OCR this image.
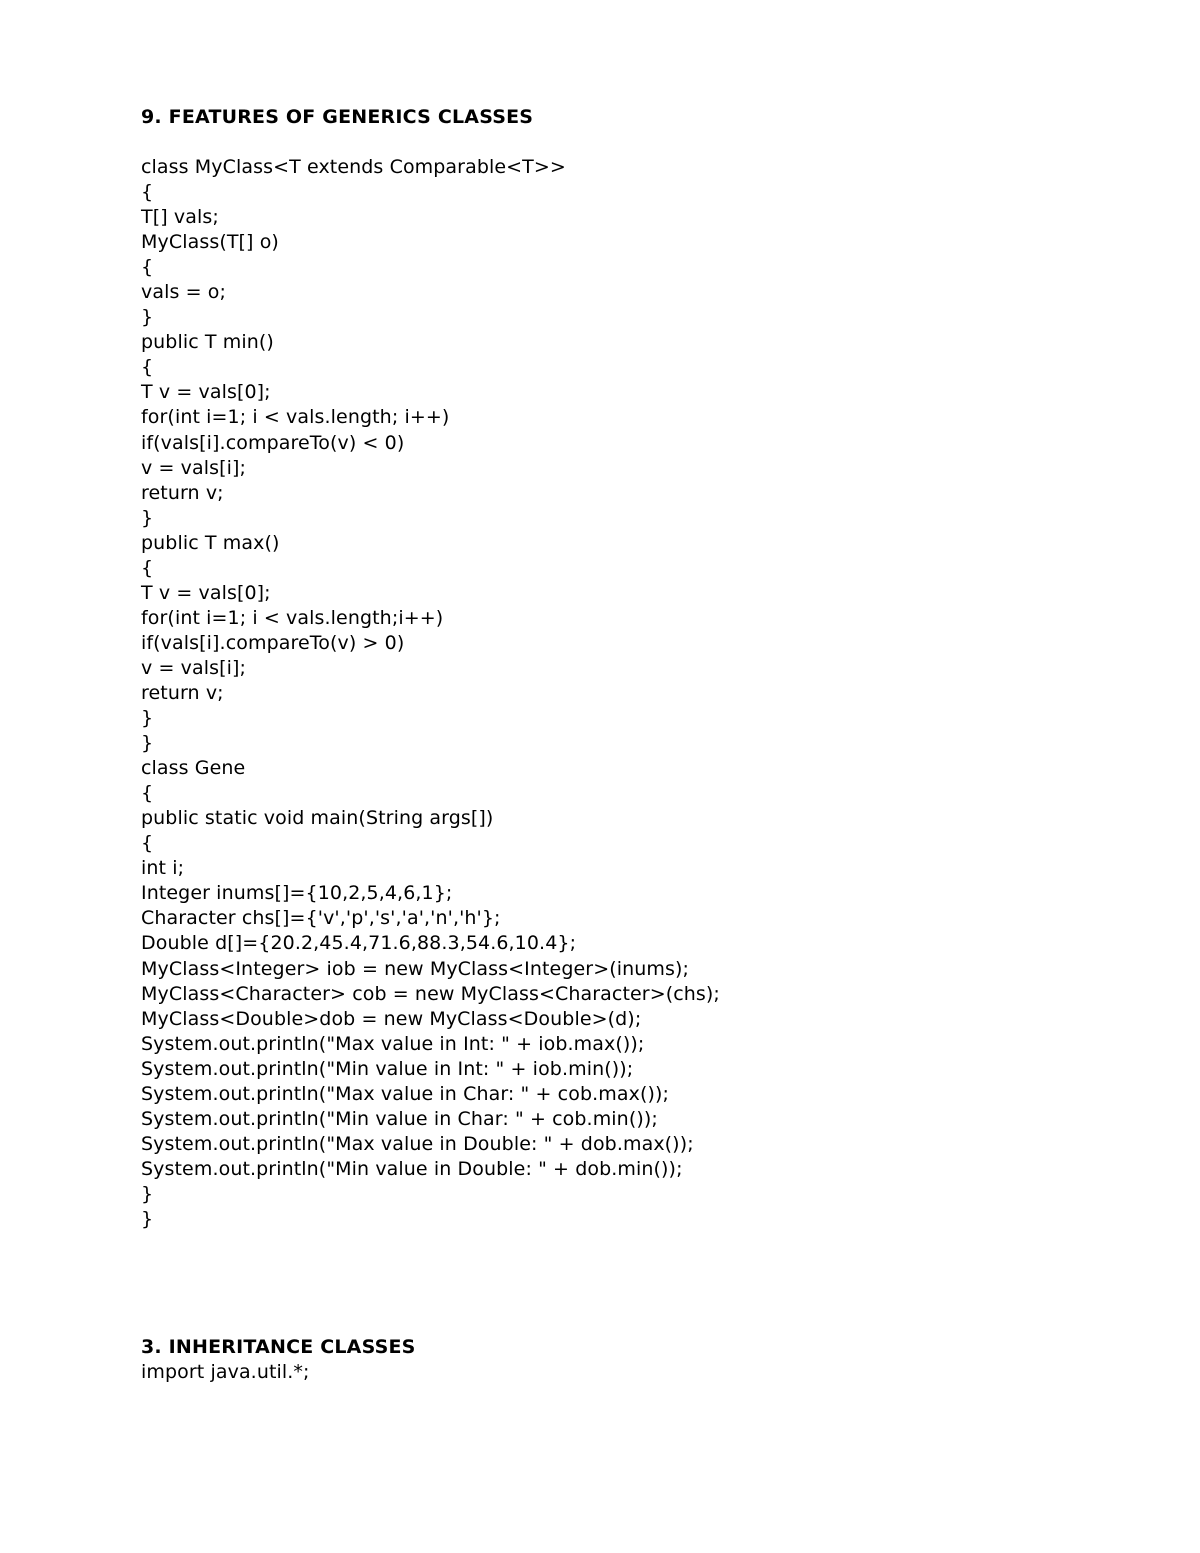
9. FEATURES OF GENERICS CLASSES
class MyClass<T extends Comparable<T>>
{
T[] vals;
MyClass(T[] o)
{
vals = o;
}
public T min()
{
T v = vals[0];
for(int i=1; i < vals.length; i++)
if(vals[i].compareTo(v) < 0)
v = vals[i];
return v;
}
public T max()
{
T v = vals[0];
for(int i=1; i < vals.length;i++)
if(vals[i].compareTo(v) > 0)
v = vals[i];
return v;
}
}
class Gene
{
public static void main(String args[])
{
int i;
Integer inums[]={10,2,5,4,6,1};
Character chs[]={'v','p','s','a','n','h'};
Double d[]={20.2,45.4,71.6,88.3,54.6,10.4};
MyClass<Integer> iob = new MyClass<Integer>(inums);
MyClass<Character> cob = new MyClass<Character>(chs);
MyClass<Double>dob = new MyClass<Double>(d);
System.out.println("Max value in Int: " + iob.max());
System.out.println("Min value in Int: " + iob.min());
System.out.println("Max value in Char: " + cob.max());
System.out.println("Min value in Char: " + cob.min());
System.out.println("Max value in Double: " + dob.max());
System.out.println("Min value in Double: " + dob.min());
}
}
3. INHERITANCE CLASSES
import java.util.*;
